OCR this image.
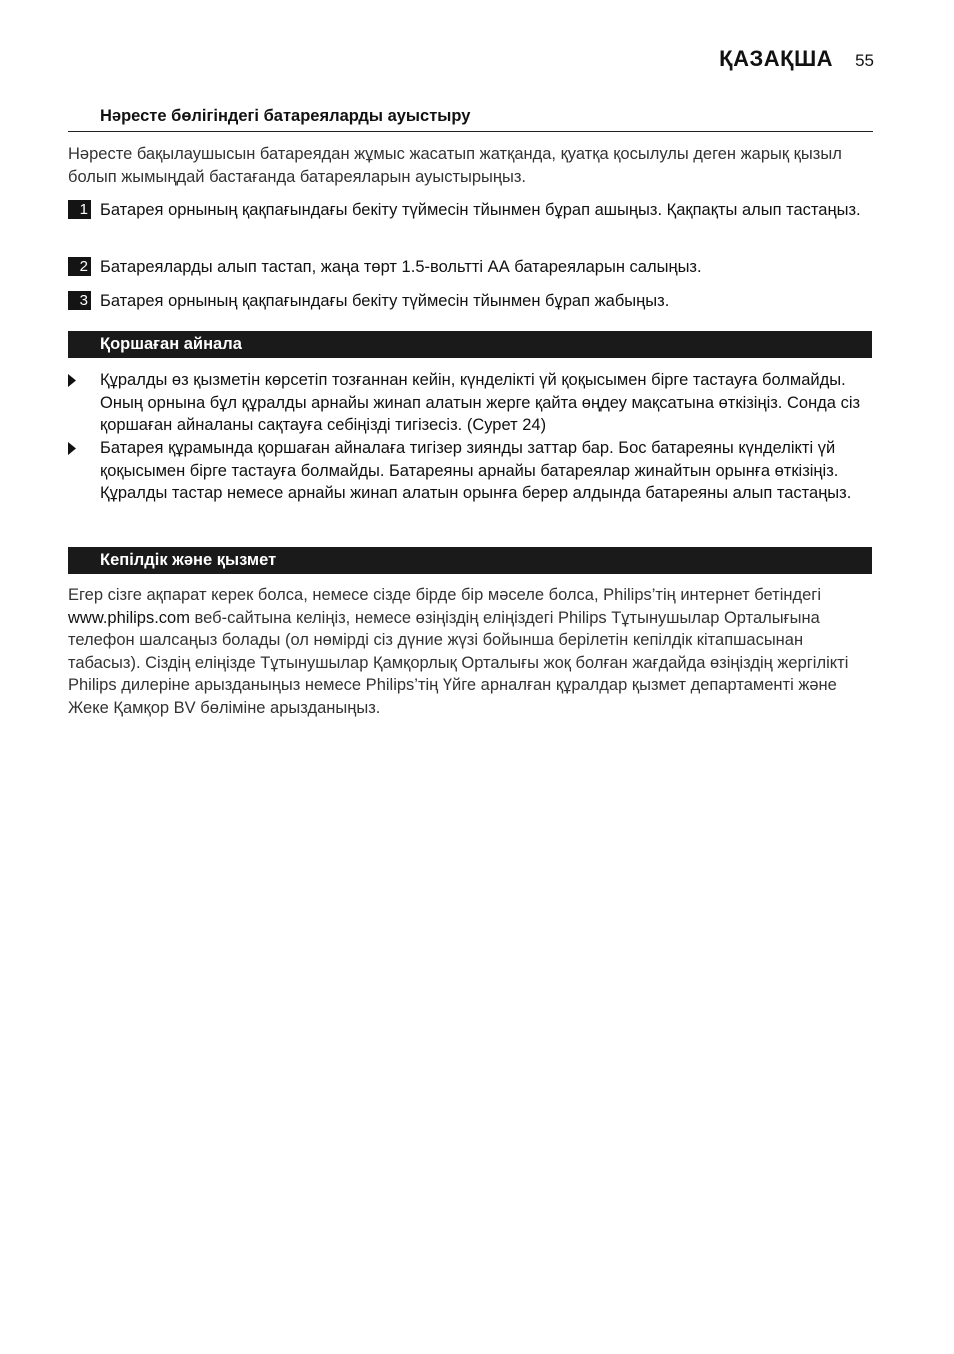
ҚАЗАҚША 55
Нәресте бөлігіндегі батареяларды ауыстыру
Нәресте бақылаушысын батареядан жұмыс жасатып жатқанда, қуатқа қосылулы деген жарық қызыл болып жымыңдай бастағанда батареяларын ауыстырыңыз.
1 Батарея орнының қақпағындағы бекіту түймесін тйынмен бұрап ашыңыз. Қақпақты алып тастаңыз.
2 Батареяларды алып тастап, жаңа төрт 1.5-вольтті АА батареяларын салыңыз.
3 Батарея орнының қақпағындағы бекіту түймесін тйынмен бұрап жабыңыз.
Қоршаған айнала
Құралды өз қызметін көрсетіп тозғаннан кейін, күнделікті үй қоқысымен бірге тастауға болмайды. Оның орнына бұл құралды арнайы жинап алатын жерге қайта өңдеу мақсатына өткізіңіз. Сонда сіз қоршаған айналаны сақтауға себіңізді тигізесіз. (Сурет 24)
Батарея құрамында қоршаған айналаға тигізер зиянды заттар бар. Бос батареяны күнделікті үй қоқысымен бірге тастауға болмайды. Батареяны арнайы батареялар жинайтын орынға өткізіңіз. Құралды тастар немесе арнайы жинап алатын орынға берер алдында батареяны алып тастаңыз.
Кепілдік және қызмет
Егер сізге ақпарат керек болса, немесе сізде бірде бір мәселе болса, Philips’тің интернет бетіндегі www.philips.com веб-сайтына келіңіз, немесе өзіңіздің еліңіздегі Philips Тұтынушылар Орталығына телефон шалсаңыз болады (ол нөмірді сіз дүние жүзі бойынша берілетін кепілдік кітапшасынан табасыз). Сіздің еліңізде Тұтынушылар Қамқорлық Орталығы жоқ болған жағдайда өзіңіздің жергілікті Philips дилеріне арызданыңыз немесе Philips’тің Үйге арналған құралдар қызмет департаменті және Жеке Қамқор BV бөліміне арызданыңыз.
